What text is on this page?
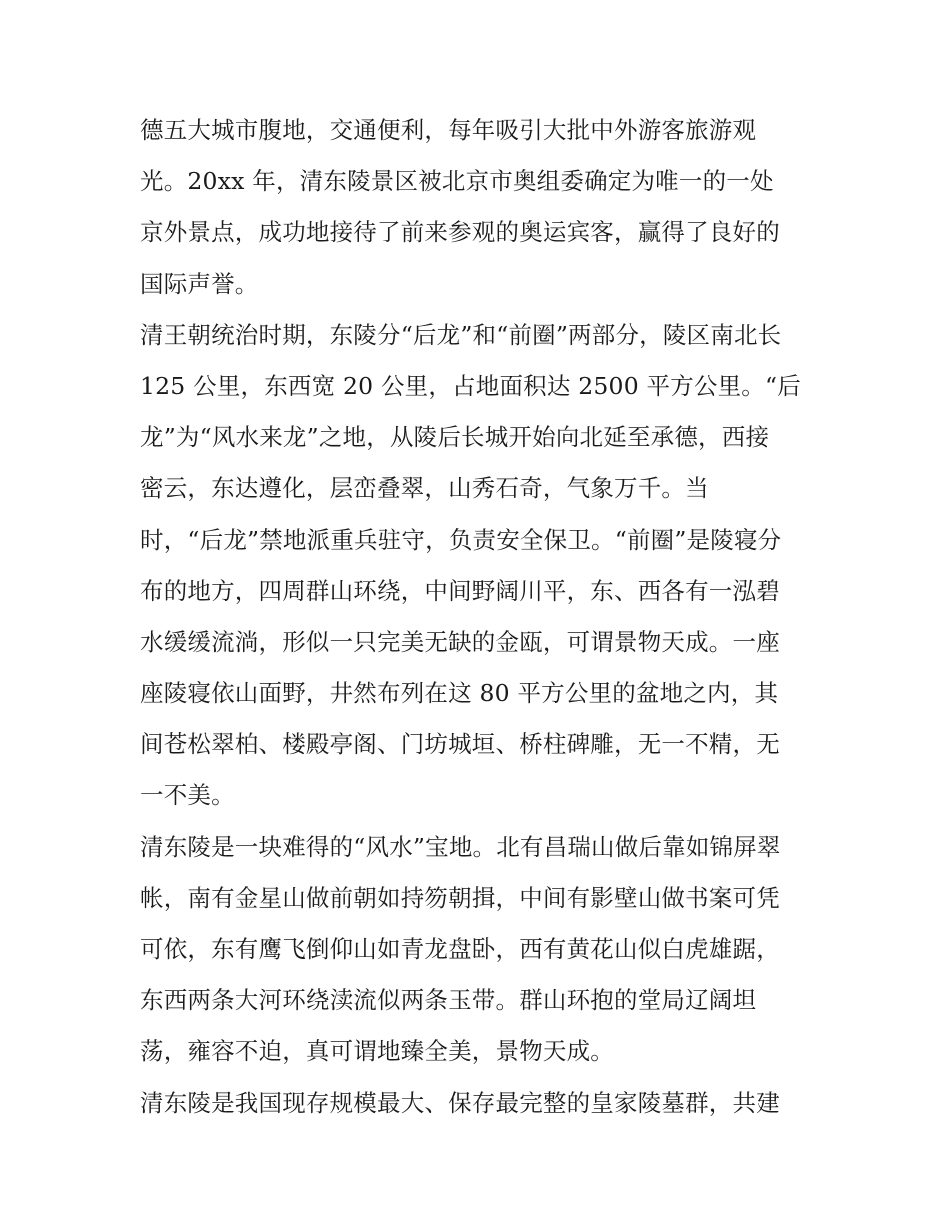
德五大城市腹地，交通便利，每年吸引大批中外游客旅游观
光。20xx 年，清东陵景区被北京市奥组委确定为唯一的一处
京外景点，成功地接待了前来参观的奥运宾客，赢得了良好的
国际声誉。
清王朝统治时期，东陵分“后龙”和“前圈”两部分，陵区南北长
125 公里，东西宽 20 公里，占地面积达 2500 平方公里。“后
龙”为“风水来龙”之地，从陵后长城开始向北延至承德，西接
密云，东达遵化，层峦叠翠，山秀石奇，气象万千。当
时，“后龙”禁地派重兵驻守，负责安全保卫。“前圈”是陵寝分
布的地方，四周群山环绕，中间野阔川平，东、西各有一泓碧
水缓缓流淌，形似一只完美无缺的金瓯，可谓景物天成。一座
座陵寝依山面野，井然布列在这 80 平方公里的盆地之内，其
间苍松翠柏、楼殿亭阁、门坊城垣、桥柱碑雕，无一不精，无
一不美。
清东陵是一块难得的“风水”宝地。北有昌瑞山做后靠如锦屏翠
帐，南有金星山做前朝如持笏朝揖，中间有影壁山做书案可凭
可依，东有鹰飞倒仰山如青龙盘卧，西有黄花山似白虎雄踞，
东西两条大河环绕渎流似两条玉带。群山环抱的堂局辽阔坦
荡，雍容不迫，真可谓地臻全美，景物天成。
清东陵是我国现存规模最大、保存最完整的皇家陵墓群，共建
